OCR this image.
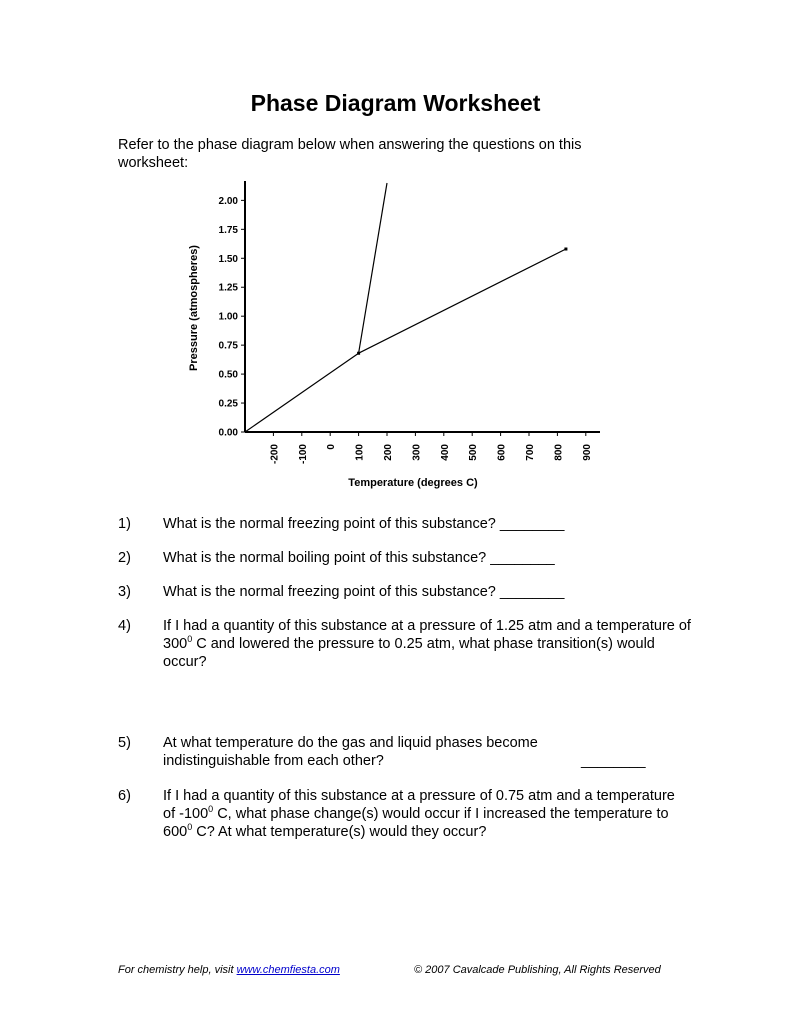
Phase Diagram Worksheet
Refer to the phase diagram below when answering the questions on this worksheet:
0.00
0.25
0.50
0.75
1.00
1.25
1.50
1.75
2.00
-200 -100 0 100 200 300 400 500 600 700 800 900
Pressure (atmospheres)
Temperature (degrees C)
1)	What is the normal freezing point of this substance? ________
2)	What is the normal boiling point of this substance? ________
3)	What is the normal freezing point of this substance? ________
4)	If I had a quantity of this substance at a pressure of 1.25 atm and a temperature of $300^0$ C and lowered the pressure to 0.25 atm, what phase transition(s) would occur?
5)	At what temperature do the gas and liquid phases become indistinguishable from each other?	________
6)	If I had a quantity of this substance at a pressure of 0.75 atm and a temperature of $-100^0$ C, what phase change(s) would occur if I increased the temperature to $600^0$ C? At what temperature(s) would they occur?
For chemistry help, visit www.chemfiesta.com	© 2007 Cavalcade Publishing, All Rights Reserved
